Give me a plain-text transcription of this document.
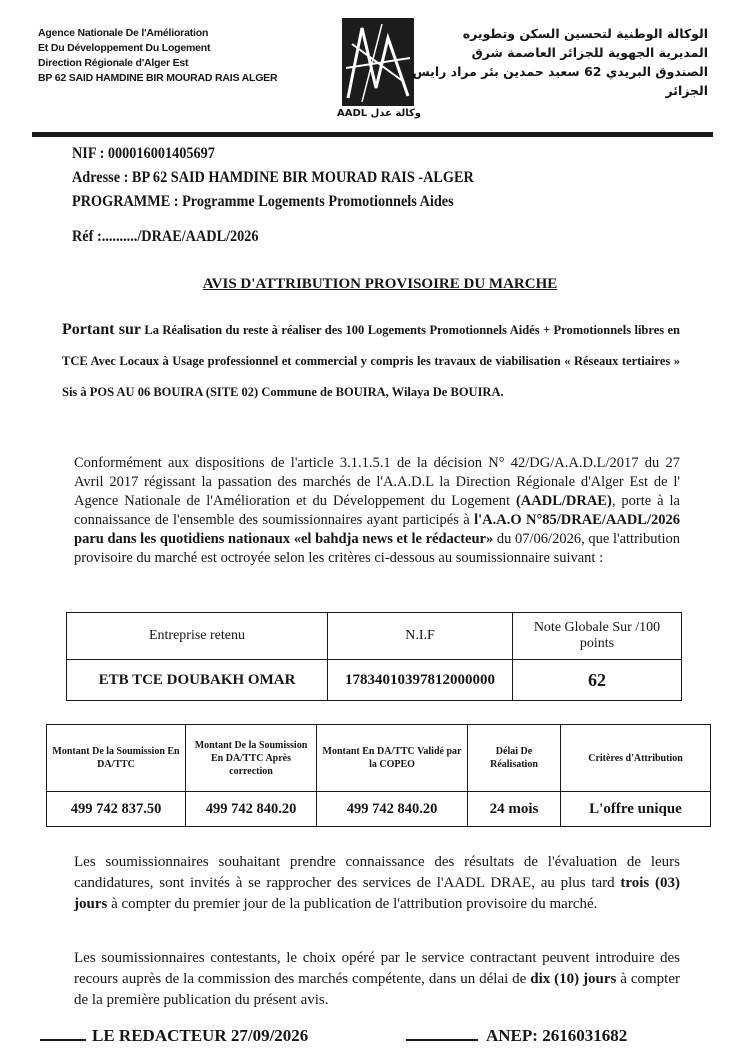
Agence Nationale De l'Amélioration
Et Du Développement Du Logement
Direction Régionale d'Alger Est
BP 62 SAID HAMDINE BIR MOURAD RAIS ALGER
AADL وكالة عدل
الوكالة الوطنية لتحسين السكن وتطويره
المديرية الجهوية للجزائر العاصمة شرق
الصندوق البريدي 62 سعيد حمدين بئر مراد رايس
الجزائر
NIF : 000016001405697
Adresse : BP 62 SAID HAMDINE BIR MOURAD RAIS -ALGER
PROGRAMME : Programme Logements Promotionnels Aides
Réf :........../DRAE/AADL/2026
AVIS D'ATTRIBUTION PROVISOIRE DU MARCHE
Portant sur La Réalisation du reste à réaliser des 100 Logements Promotionnels Aidés + Promotionnels libres en TCE Avec Locaux à Usage professionnel et commercial y compris les travaux de viabilisation « Réseaux tertiaires » Sis à POS AU 06 BOUIRA (SITE 02) Commune de BOUIRA, Wilaya De BOUIRA.
Conformément aux dispositions de l'article 3.1.1.5.1 de la décision N° 42/DG/A.A.D.L/2017 du 27 Avril 2017 régissant la passation des marchés de l'A.A.D.L la Direction Régionale d'Alger Est de l' Agence Nationale de l'Amélioration et du Développement du Logement (AADL/DRAE), porte à la connaissance de l'ensemble des soumissionnaires ayant participés à l'A.A.O N°85/DRAE/AADL/2026 paru dans les quotidiens nationaux «el bahdja news et le rédacteur» du 07/06/2026, que l'attribution provisoire du marché est octroyée selon les critères ci-dessous au soumissionnaire suivant :
Entreprise retenu	N.I.F	Note Globale Sur /100 points
ETB TCE DOUBAKH OMAR	17834010397812000000	62
Montant De la Soumission En DA/TTC	Montant De la Soumission En DA/TTC Après correction	Montant En DA/TTC Validé par la COPEO	Délai De Réalisation	Critères d'Attribution
499 742 837.50	499 742 840.20	499 742 840.20	24 mois	L'offre unique
Les soumissionnaires souhaitant prendre connaissance des résultats de l'évaluation de leurs candidatures, sont invités à se rapprocher des services de l'AADL DRAE, au plus tard trois (03) jours à compter du premier jour de la publication de l'attribution provisoire du marché.
Les soumissionnaires contestants, le choix opéré par le service contractant peuvent introduire des recours auprès de la commission des marchés compétente, dans un délai de dix (10) jours à compter de la première publication du présent avis.
LE REDACTEUR 27/09/2026	ANEP: 2616031682
